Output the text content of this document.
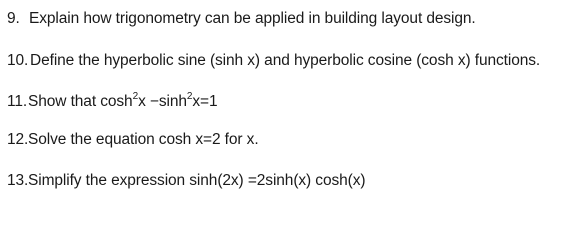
9. Explain how trigonometry can be applied in building layout design.
10. Define the hyperbolic sine (sinh x) and hyperbolic cosine (cosh x) functions.
11.Show that $\cosh^2x -\sinh^2x=1$
12.Solve the equation cosh x=2 for x.
13.Simplify the expression sinh(2x) =2sinh(x) cosh(x)
